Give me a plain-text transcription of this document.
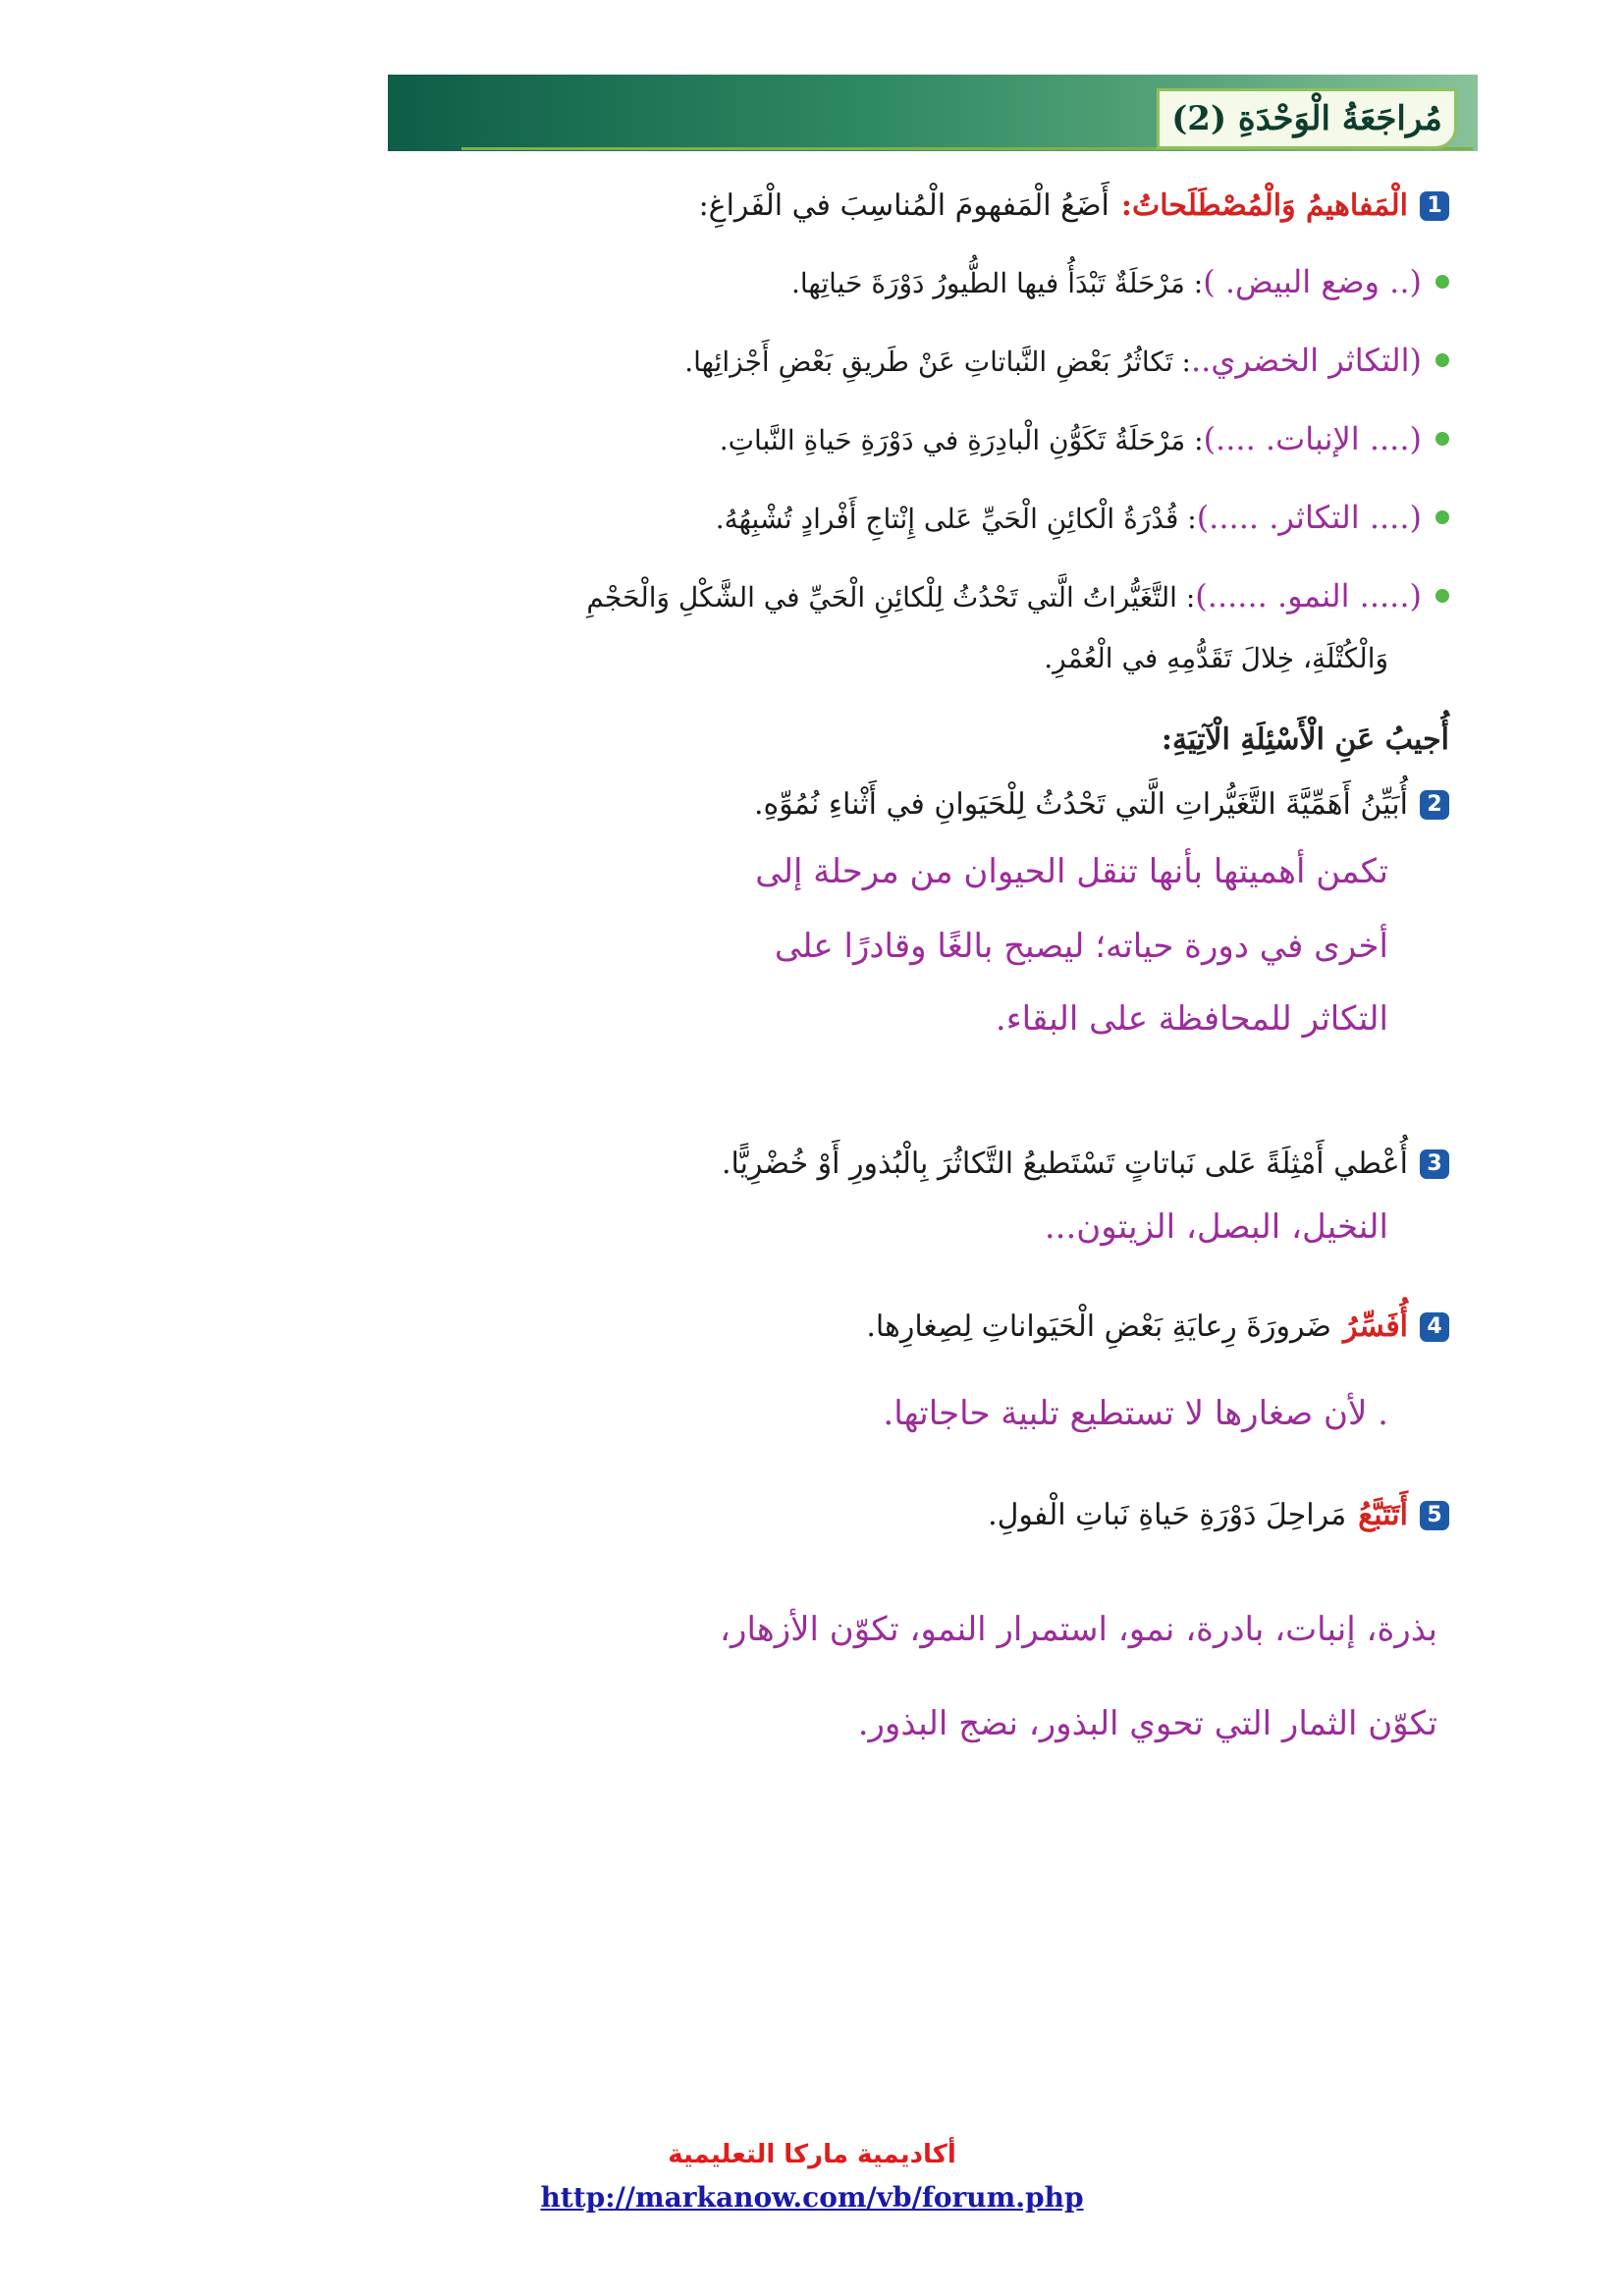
مُراجَعَةُ الْوَحْدَةِ (2)
1
الْمَفاهيمُ وَالْمُصْطَلَحاتُ:
أَضَعُ الْمَفهومَ الْمُناسِبَ في الْفَراغِ:
(.. وضع البيض. ): مَرْحَلَةٌ تَبْدَأُ فيها الطُّيورُ دَوْرَةَ حَياتِها.
(التكاثر الخضري..: تَكاثُرُ بَعْضِ النَّباتاتِ عَنْ طَريقِ بَعْضِ أَجْزائِها.
(.... الإنبات. ....): مَرْحَلَةُ تَكَوُّنِ الْبادِرَةِ في دَوْرَةِ حَياةِ النَّباتِ.
(.... التكاثر. .....): قُدْرَةُ الْكائِنِ الْحَيِّ عَلى إِنْتاجِ أَفْرادٍ تُشْبِهُهُ.
(..... النمو. ......): التَّغَيُّراتُ الَّتي تَحْدُثُ لِلْكائِنِ الْحَيِّ في الشَّكْلِ وَالْحَجْمِ
وَالْكُتْلَةِ، خِلالَ تَقَدُّمِهِ في الْعُمْرِ.
أُجيبُ عَنِ الْأَسْئِلَةِ الْآتِيَةِ:
2
أُبَيِّنُ أَهَمِّيَّةَ التَّغَيُّراتِ الَّتي تَحْدُثُ لِلْحَيَوانِ في أَثْناءِ نُمُوِّهِ.
تكمن أهميتها بأنها تنقل الحيوان من مرحلة إلى
أخرى في دورة حياته؛ ليصبح بالغًا وقادرًا على
التكاثر للمحافظة على البقاء.
3
أُعْطي أَمْثِلَةً عَلى نَباتاتٍ تَسْتَطيعُ التَّكاثُرَ بِالْبُذورِ أَوْ خُضْرِيًّا.
النخيل، البصل، الزيتون...
4
أُفَسِّرُ
ضَرورَةَ رِعايَةِ بَعْضِ الْحَيَواناتِ لِصِغارِها.
. لأن صغارها لا تستطيع تلبية حاجاتها.
5
أَتَتَبَّعُ
مَراحِلَ دَوْرَةِ حَياةِ نَباتِ الْفولِ.
بذرة، إنبات، بادرة، نمو، استمرار النمو، تكوّن الأزهار،
تكوّن الثمار التي تحوي البذور، نضج البذور.
أكاديمية ماركا التعليمية
http://markanow.com/vb/forum.php
